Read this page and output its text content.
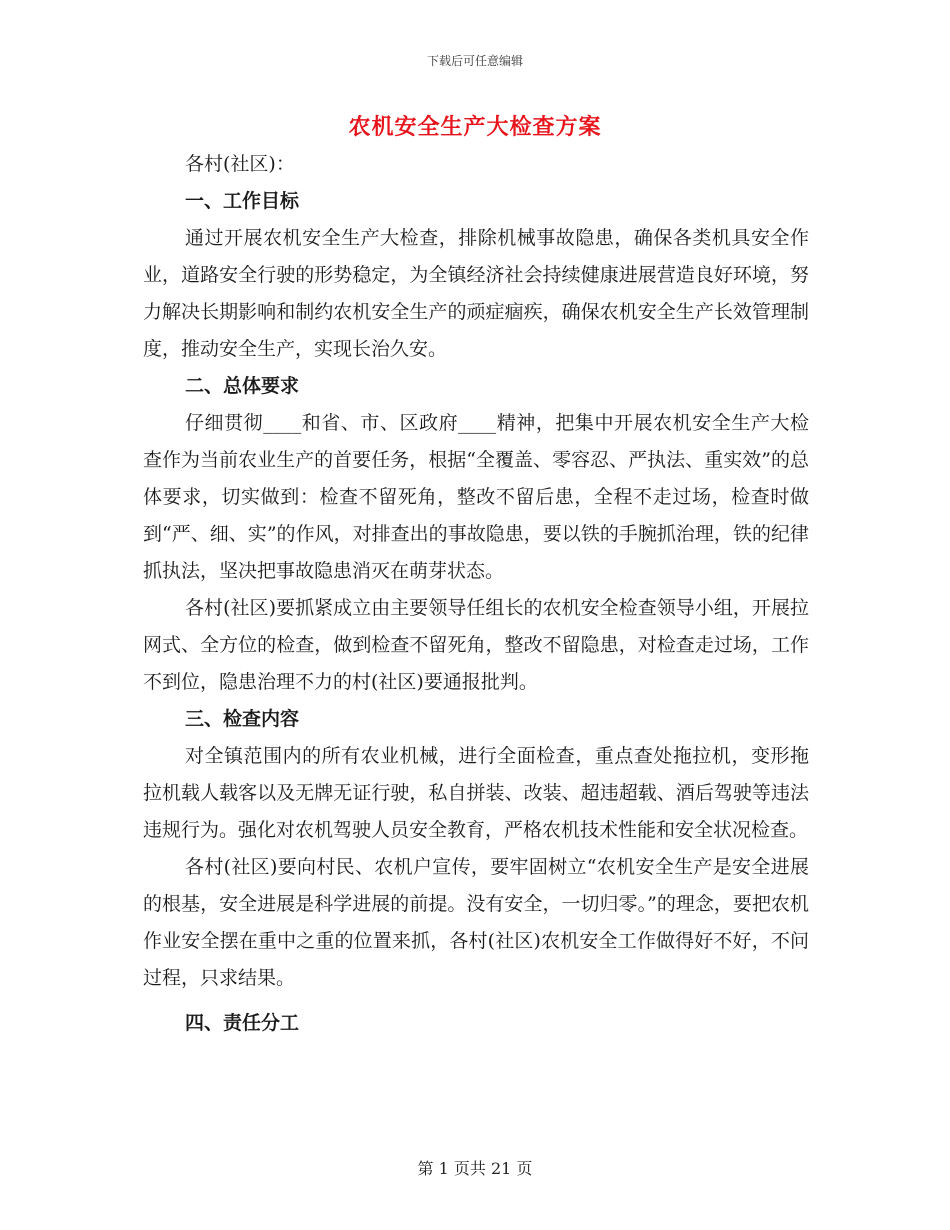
下载后可任意编辑
农机安全生产大检查方案

各村(社区)：

一、工作目标

通过开展农机安全生产大检查，排除机械事故隐患，确保各类机具安全作业，道路安全行驶的形势稳定，为全镇经济社会持续健康进展营造良好环境，努力解决长期影响和制约农机安全生产的顽症痼疾，确保农机安全生产长效管理制度，推动安全生产，实现长治久安。

二、总体要求

仔细贯彻____和省、市、区政府____精神，把集中开展农机安全生产大检查作为当前农业生产的首要任务，根据“全覆盖、零容忍、严执法、重实效”的总体要求，切实做到：检查不留死角，整改不留后患，全程不走过场，检查时做到“严、细、实”的作风，对排查出的事故隐患，要以铁的手腕抓治理，铁的纪律抓执法，坚决把事故隐患消灭在萌芽状态。

各村(社区)要抓紧成立由主要领导任组长的农机安全检查领导小组，开展拉网式、全方位的检查，做到检查不留死角，整改不留隐患，对检查走过场，工作不到位，隐患治理不力的村(社区)要通报批判。

三、检查内容

对全镇范围内的所有农业机械，进行全面检查，重点查处拖拉机，变形拖拉机载人载客以及无牌无证行驶，私自拼装、改装、超违超载、酒后驾驶等违法违规行为。强化对农机驾驶人员安全教育，严格农机技术性能和安全状况检查。

各村(社区)要向村民、农机户宣传，要牢固树立“农机安全生产是安全进展的根基，安全进展是科学进展的前提。没有安全，一切归零。”的理念，要把农机作业安全摆在重中之重的位置来抓，各村(社区)农机安全工作做得好不好，不问过程，只求结果。

四、责任分工

第 1 页共 21 页
